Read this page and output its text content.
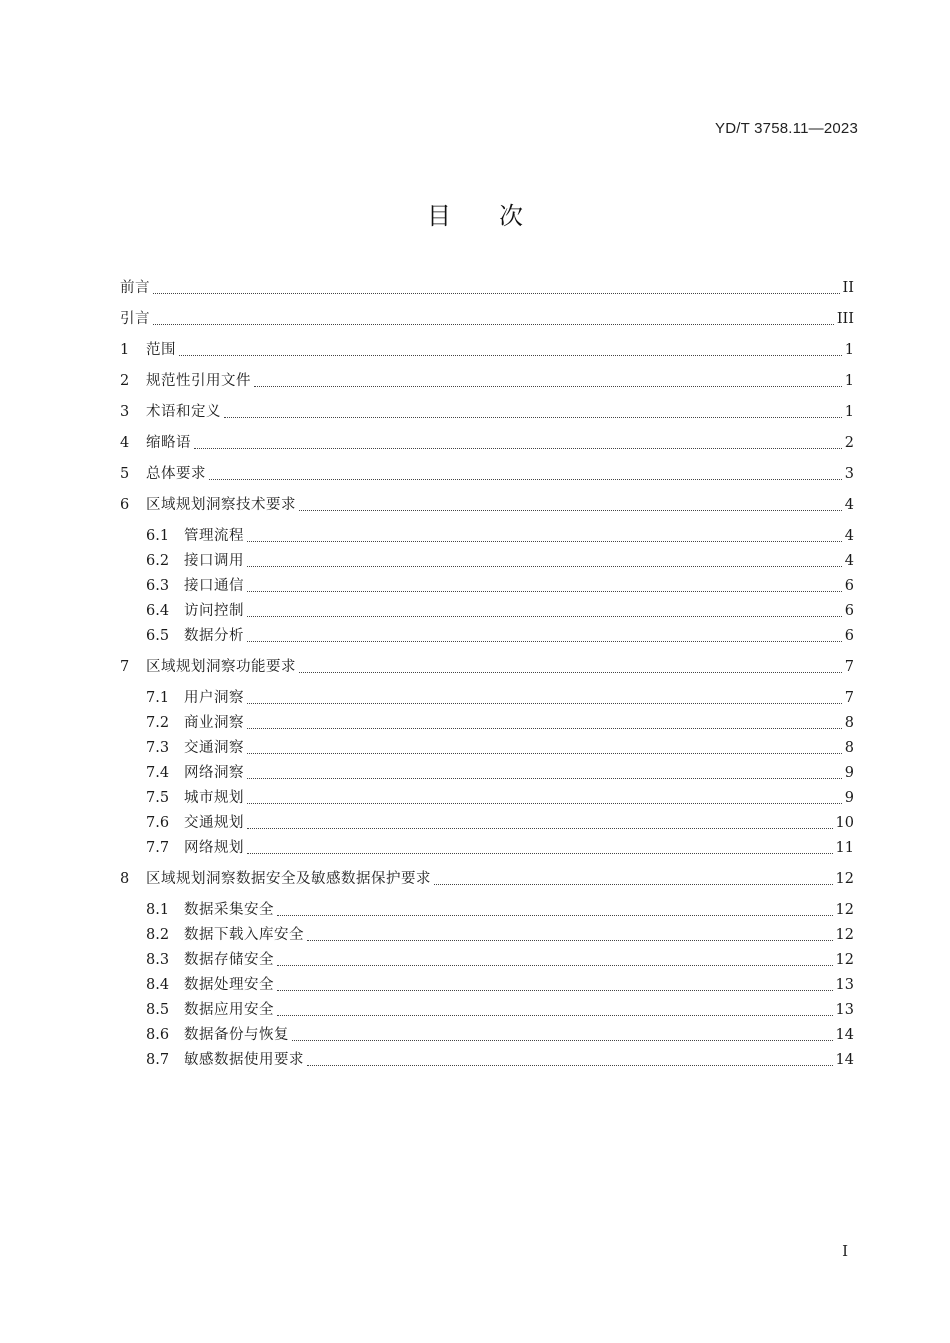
YD/T 3758.11—2023
目次
前言	II
引言	III
1	范围	1
2	规范性引用文件	1
3	术语和定义	1
4	缩略语	2
5	总体要求	3
6	区域规划洞察技术要求	4
6.1	管理流程	4
6.2	接口调用	4
6.3	接口通信	6
6.4	访问控制	6
6.5	数据分析	6
7	区域规划洞察功能要求	7
7.1	用户洞察	7
7.2	商业洞察	8
7.3	交通洞察	8
7.4	网络洞察	9
7.5	城市规划	9
7.6	交通规划	10
7.7	网络规划	11
8	区域规划洞察数据安全及敏感数据保护要求	12
8.1	数据采集安全	12
8.2	数据下载入库安全	12
8.3	数据存储安全	12
8.4	数据处理安全	13
8.5	数据应用安全	13
8.6	数据备份与恢复	14
8.7	敏感数据使用要求	14
I
